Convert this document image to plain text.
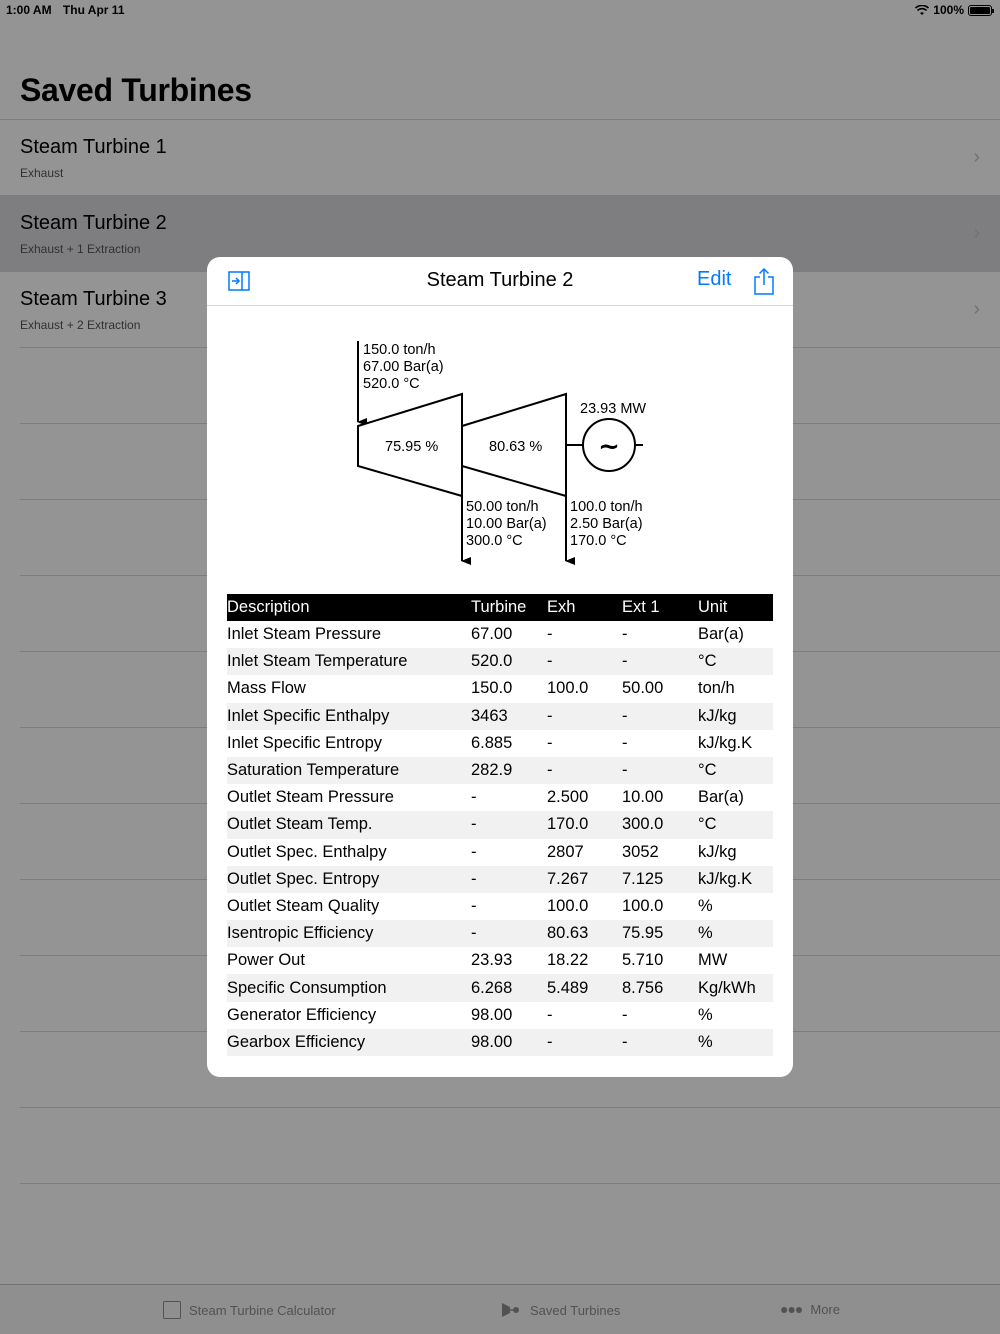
1:00 AM Thu Apr 11	100%
Saved Turbines
Steam Turbine 1
Exhaust
›
Steam Turbine 2
Exhaust + 1 Extraction
›
Steam Turbine 3
Exhaust + 2 Extraction
›
Steam Turbine Calculator	Saved Turbines	●●● More
Steam Turbine 2	Edit
150.0 ton/h
67.00 Bar(a)
520.0 °C
75.95 %	80.63 %
23.93 MW
~
50.00 ton/h
10.00 Bar(a)
300.0 °C
100.0 ton/h
2.50 Bar(a)
170.0 °C
Description	Turbine	Exh	Ext 1	Unit
Inlet Steam Pressure	67.00	-	-	Bar(a)
Inlet Steam Temperature	520.0	-	-	°C
Mass Flow	150.0	100.0	50.00	ton/h
Inlet Specific Enthalpy	3463	-	-	kJ/kg
Inlet Specific Entropy	6.885	-	-	kJ/kg.K
Saturation Temperature	282.9	-	-	°C
Outlet Steam Pressure	-	2.500	10.00	Bar(a)
Outlet Steam Temp.	-	170.0	300.0	°C
Outlet Spec. Enthalpy	-	2807	3052	kJ/kg
Outlet Spec. Entropy	-	7.267	7.125	kJ/kg.K
Outlet Steam Quality	-	100.0	100.0	%
Isentropic Efficiency	-	80.63	75.95	%
Power Out	23.93	18.22	5.710	MW
Specific Consumption	6.268	5.489	8.756	Kg/kWh
Generator Efficiency	98.00	-	-	%
Gearbox Efficiency	98.00	-	-	%
